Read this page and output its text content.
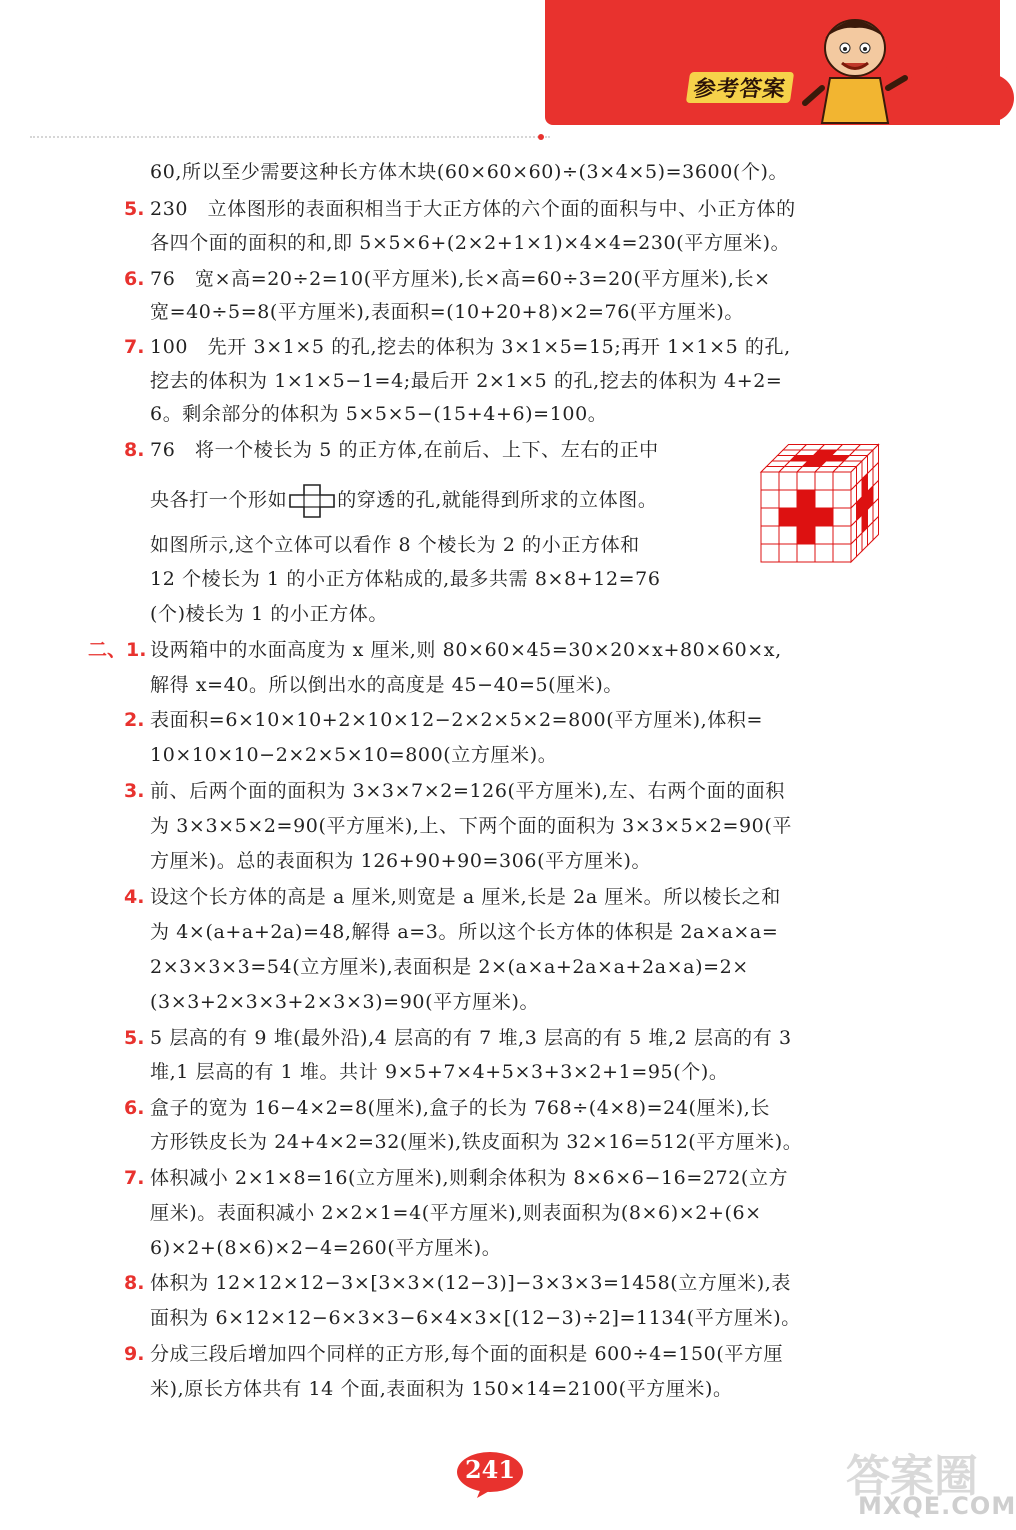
参考答案
60,所以至少需要这种长方体木块(60×60×60)÷(3×4×5)=3600(个)。
5. 230　立体图形的表面积相当于大正方体的六个面的面积与中、小正方体的
各四个面的面积的和,即 5×5×6+(2×2+1×1)×4×4=230(平方厘米)。
6. 76　宽×高=20÷2=10(平方厘米),长×高=60÷3=20(平方厘米),长×
宽=40÷5=8(平方厘米),表面积=(10+20+8)×2=76(平方厘米)。
7. 100　先开 3×1×5 的孔,挖去的体积为 3×1×5=15;再开 1×1×5 的孔,
挖去的体积为 1×1×5−1=4;最后开 2×1×5 的孔,挖去的体积为 4+2=
6。剩余部分的体积为 5×5×5−(15+4+6)=100。
8. 76　将一个棱长为 5 的正方体,在前后、上下、左右的正中
央各打一个形如	的穿透的孔,就能得到所求的立体图。
如图所示,这个立体可以看作 8 个棱长为 2 的小正方体和
12 个棱长为 1 的小正方体粘成的,最多共需 8×8+12=76
(个)棱长为 1 的小正方体。
二、1. 设两箱中的水面高度为 x 厘米,则 80×60×45=30×20×x+80×60×x,
解得 x=40。所以倒出水的高度是 45−40=5(厘米)。
2. 表面积=6×10×10+2×10×12−2×2×5×2=800(平方厘米),体积=
10×10×10−2×2×5×10=800(立方厘米)。
3. 前、后两个面的面积为 3×3×7×2=126(平方厘米),左、右两个面的面积
为 3×3×5×2=90(平方厘米),上、下两个面的面积为 3×3×5×2=90(平
方厘米)。总的表面积为 126+90+90=306(平方厘米)。
4. 设这个长方体的高是 a 厘米,则宽是 a 厘米,长是 2a 厘米。所以棱长之和
为 4×(a+a+2a)=48,解得 a=3。所以这个长方体的体积是 2a×a×a=
2×3×3×3=54(立方厘米),表面积是 2×(a×a+2a×a+2a×a)=2×
(3×3+2×3×3+2×3×3)=90(平方厘米)。
5. 5 层高的有 9 堆(最外沿),4 层高的有 7 堆,3 层高的有 5 堆,2 层高的有 3
堆,1 层高的有 1 堆。共计 9×5+7×4+5×3+3×2+1=95(个)。
6. 盒子的宽为 16−4×2=8(厘米),盒子的长为 768÷(4×8)=24(厘米),长
方形铁皮长为 24+4×2=32(厘米),铁皮面积为 32×16=512(平方厘米)。
7. 体积减小 2×1×8=16(立方厘米),则剩余体积为 8×6×6−16=272(立方
厘米)。表面积减小 2×2×1=4(平方厘米),则表面积为(8×6)×2+(6×
6)×2+(8×6)×2−4=260(平方厘米)。
8. 体积为 12×12×12−3×[3×3×(12−3)]−3×3×3=1458(立方厘米),表
面积为 6×12×12−6×3×3−6×4×3×[(12−3)÷2]=1134(平方厘米)。
9. 分成三段后增加四个同样的正方形,每个面的面积是 600÷4=150(平方厘
米),原长方体共有 14 个面,表面积为 150×14=2100(平方厘米)。
241	答案圈
MXQE.COM
